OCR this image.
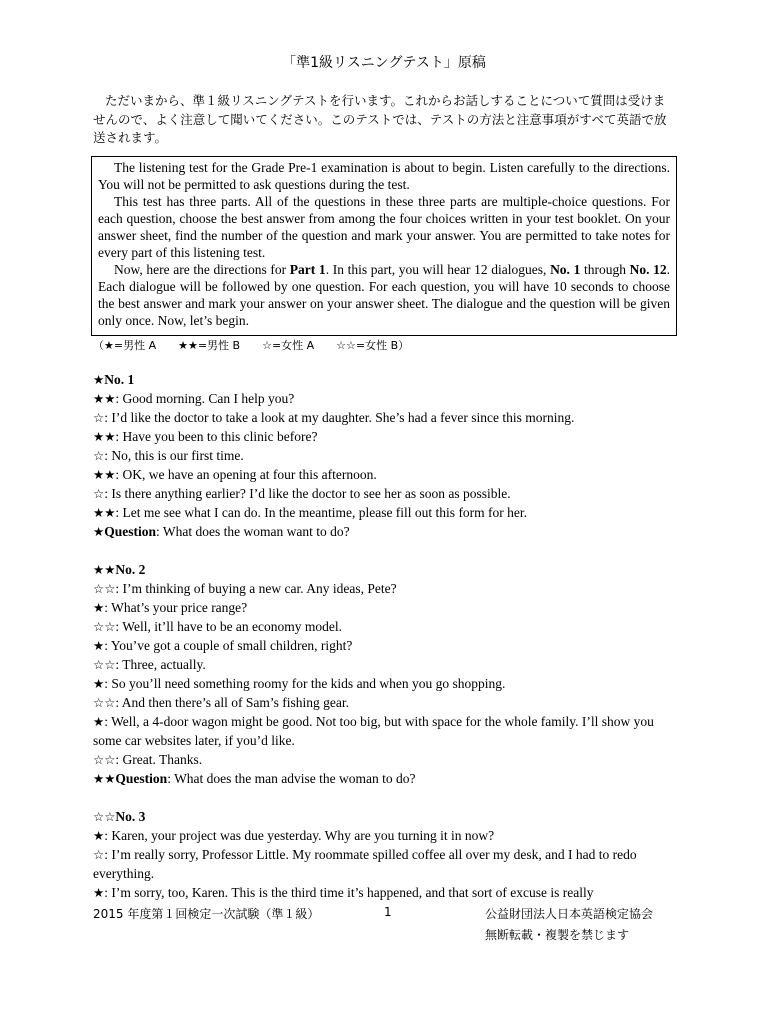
「準1級リスニングテスト」原稿
ただいまから、準１級リスニングテストを行います。これからお話しすることについて質問は受けませんので、よく注意して聞いてください。このテストでは、テストの方法と注意事項がすべて英語で放送されます。

The listening test for the Grade Pre-1 examination is about to begin. Listen carefully to the directions. You will not be permitted to ask questions during the test.

This test has three parts. All of the questions in these three parts are multiple-choice questions. For each question, choose the best answer from among the four choices written in your test booklet. On your answer sheet, find the number of the question and mark your answer. You are permitted to take notes for every part of this listening test.

Now, here are the directions for Part 1. In this part, you will hear 12 dialogues, No. 1 through No. 12. Each dialogue will be followed by one question. For each question, you will have 10 seconds to choose the best answer and mark your answer on your answer sheet. The dialogue and the question will be given only once. Now, let’s begin.

（★=男性 A　　★★=男性 B　　☆=女性 A　　☆☆=女性 B）
★No. 1
★★: Good morning. Can I help you?
☆: I’d like the doctor to take a look at my daughter. She’s had a fever since this morning.
★★: Have you been to this clinic before?
☆: No, this is our first time.
★★: OK, we have an opening at four this afternoon.
☆: Is there anything earlier? I’d like the doctor to see her as soon as possible.
★★: Let me see what I can do. In the meantime, please fill out this form for her.
★Question: What does the woman want to do?
★★No. 2
☆☆: I’m thinking of buying a new car. Any ideas, Pete?
★: What’s your price range?
☆☆: Well, it’ll have to be an economy model.
★: You’ve got a couple of small children, right?
☆☆: Three, actually.
★: So you’ll need something roomy for the kids and when you go shopping.
☆☆: And then there’s all of Sam’s fishing gear.
★: Well, a 4-door wagon might be good. Not too big, but with space for the whole family. I’ll show you some car websites later, if you’d like.
☆☆: Great. Thanks.
★★Question: What does the man advise the woman to do?
☆☆No. 3
★: Karen, your project was due yesterday. Why are you turning it in now?
☆: I’m really sorry, Professor Little. My roommate spilled coffee all over my desk, and I had to redo everything.
★: I’m sorry, too, Karen. This is the third time it’s happened, and that sort of excuse is really
2015 年度第１回検定一次試験（準１級）	1	公益財団法人日本英語検定協会
無断転載・複製を禁じます
